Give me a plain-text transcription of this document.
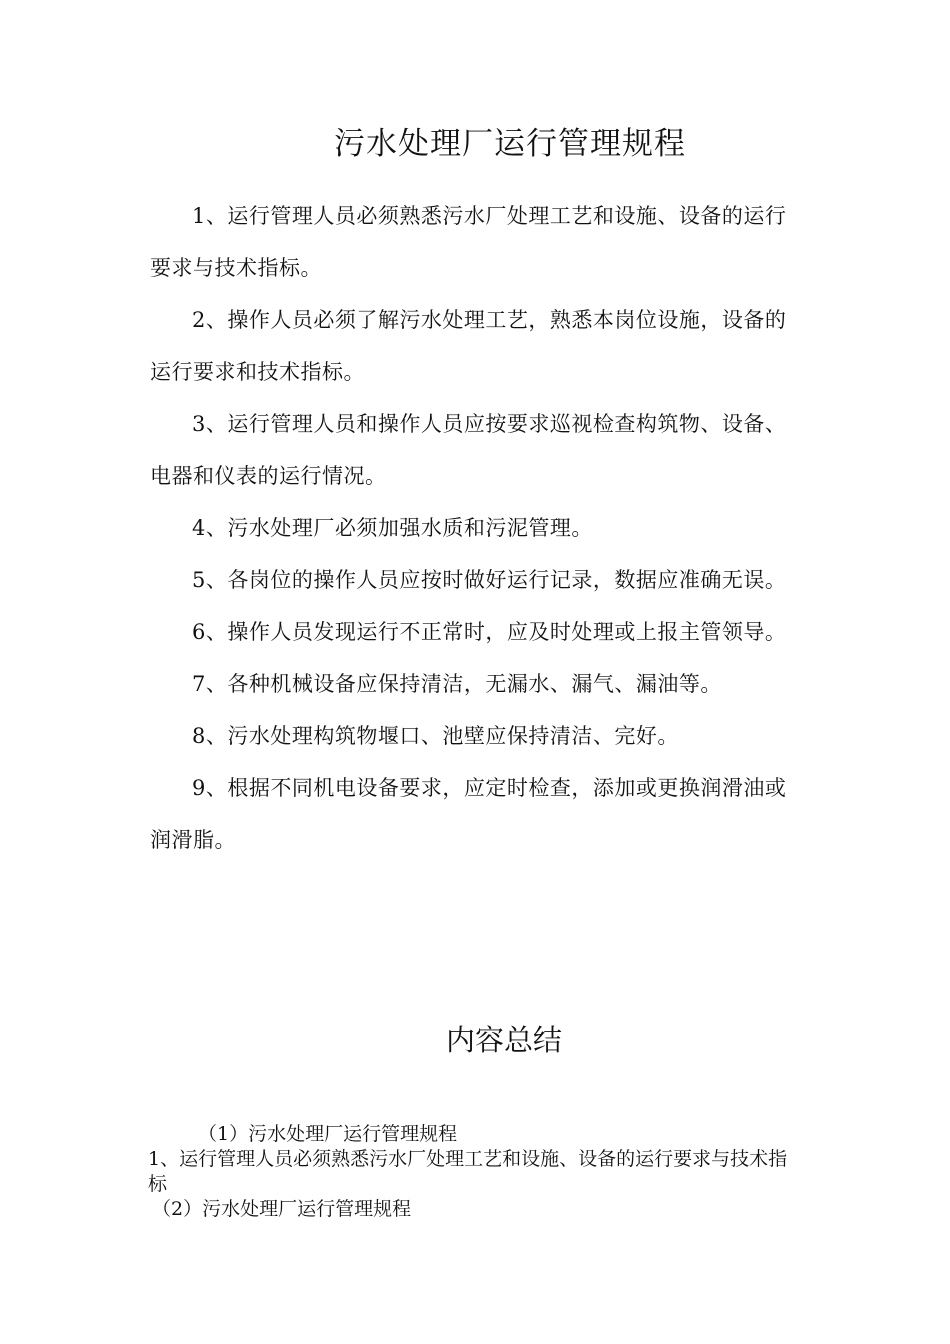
污水处理厂运行管理规程

1、运行管理人员必须熟悉污水厂处理工艺和设施、设备的运行要求与技术指标。

2、操作人员必须了解污水处理工艺，熟悉本岗位设施，设备的运行要求和技术指标。

3、运行管理人员和操作人员应按要求巡视检查构筑物、设备、电器和仪表的运行情况。

4、污水处理厂必须加强水质和污泥管理。

5、各岗位的操作人员应按时做好运行记录，数据应准确无误。

6、操作人员发现运行不正常时，应及时处理或上报主管领导。

7、各种机械设备应保持清洁，无漏水、漏气、漏油等。

8、污水处理构筑物堰口、池壁应保持清洁、完好。

9、根据不同机电设备要求，应定时检查，添加或更换润滑油或润滑脂。

内容总结

（1）污水处理厂运行管理规程

1、运行管理人员必须熟悉污水厂处理工艺和设施、设备的运行要求与技术指标

（2）污水处理厂运行管理规程
